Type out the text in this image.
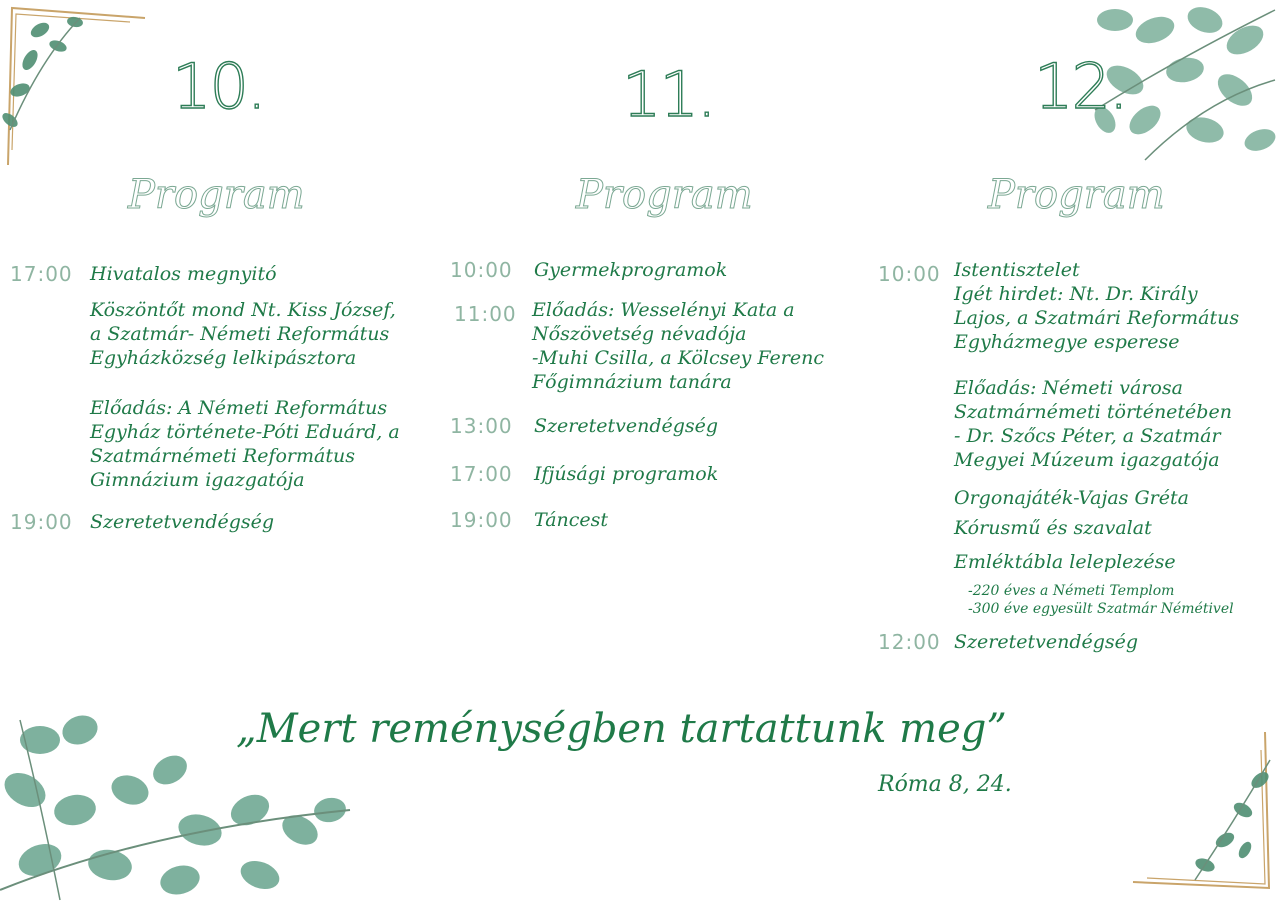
10.
Program
17:00 Hivatalos megnyitó
Köszöntőt mond Nt. Kiss József,
a Szatmár- Németi Református
Egyházközség lelkipásztora
Előadás: A Németi Református
Egyház története-Póti Eduárd, a
Szatmárnémeti Református
Gimnázium igazgatója
19:00 Szeretetvendégség
11.
Program
10:00 Gyermekprogramok
11:00 Előadás: Wesselényi Kata a
Nőszövetség névadója
-Muhi Csilla, a Kölcsey Ferenc
Főgimnázium tanára
13:00 Szeretetvendégség
17:00 Ifjúsági programok
19:00 Táncest
12.
Program
10:00 Istentisztelet
Igét hirdet: Nt. Dr. Király
Lajos, a Szatmári Református
Egyházmegye esperese
Előadás: Németi városa
Szatmárnémeti történetében
- Dr. Szőcs Péter, a Szatmár
Megyei Múzeum igazgatója
Orgonajáték-Vajas Gréta
Kórusmű és szavalat
Emléktábla leleplezése
-220 éves a Németi Templom
-300 éve egyesült Szatmár Némétivel
12:00 Szeretetvendégség
„Mert reménységben tartattunk meg”
Róma 8, 24.
